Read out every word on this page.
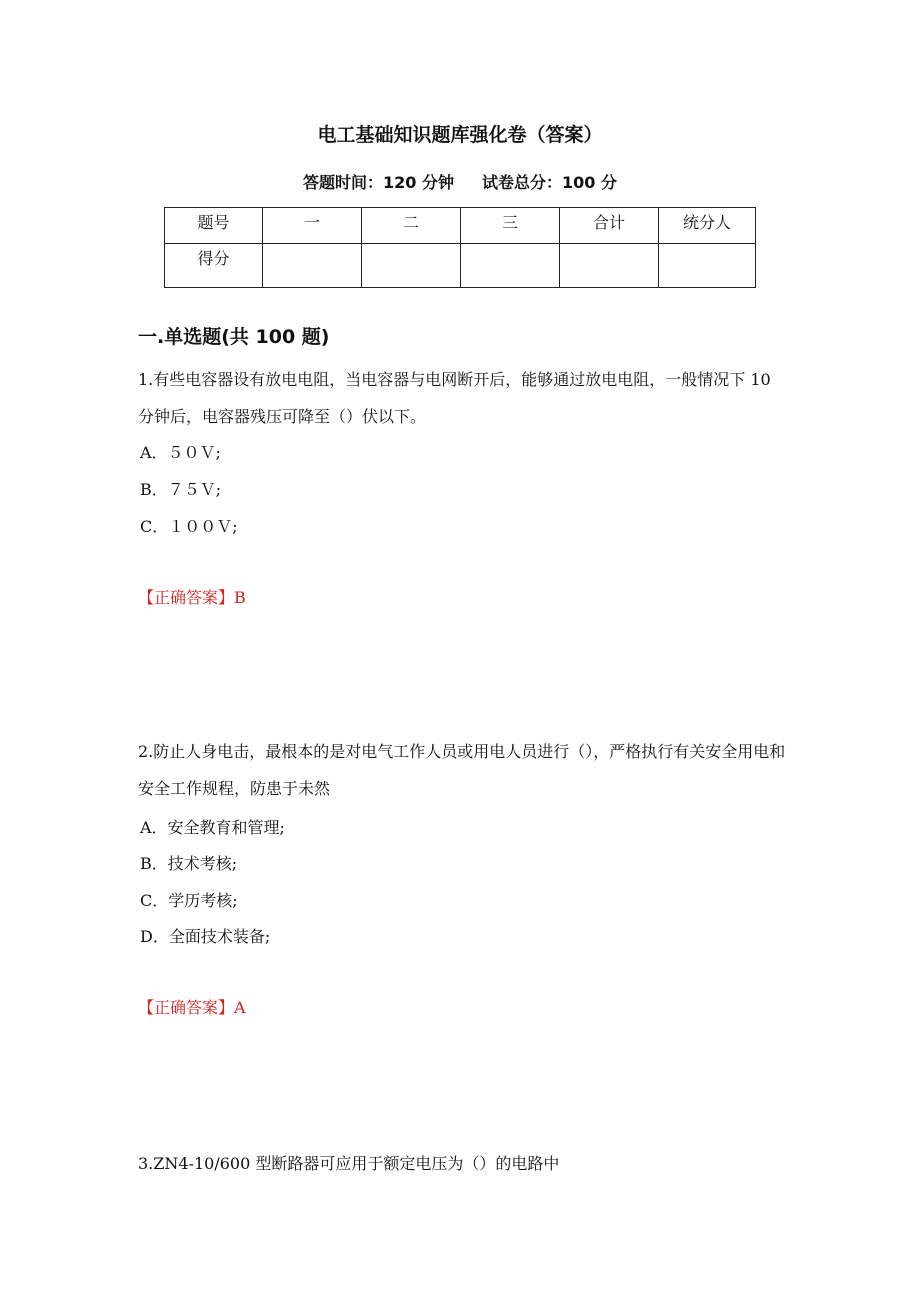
电工基础知识题库强化卷（答案）
答题时间：120 分钟 试卷总分：100 分
题号	一	二	三	合计	统分人
得分					
一.单选题(共 100 题)
1.有些电容器设有放电电阻，当电容器与电网断开后，能够通过放电电阻，一般情况下 10 分钟后，电容器残压可降至（）伏以下。
A．５０Ｖ;
B．７５Ｖ;
C．１００Ｖ;
【正确答案】B
2.防止人身电击，最根本的是对电气工作人员或用电人员进行（），严格执行有关安全用电和安全工作规程，防患于未然
A．安全教育和管理;
B．技术考核;
C．学历考核;
D．全面技术装备;
【正确答案】A
3.ZN4-10/600 型断路器可应用于额定电压为（）的电路中
